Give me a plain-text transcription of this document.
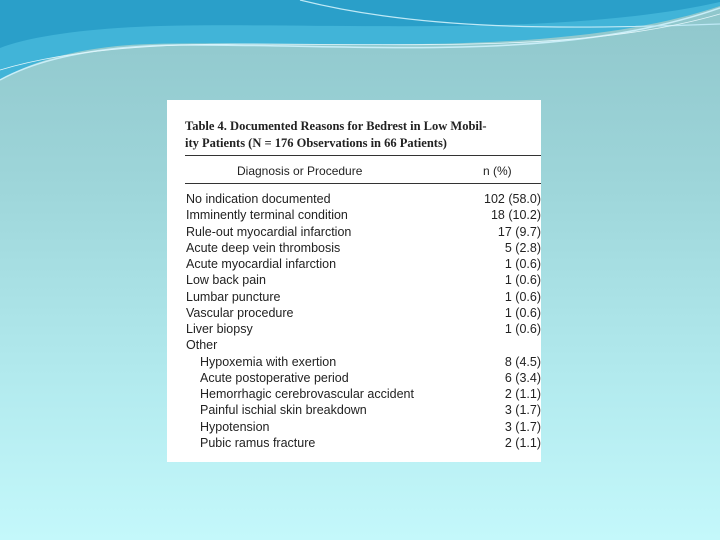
Table 4. Documented Reasons for Bedrest in Low Mobil-
ity Patients (N = 176 Observations in 66 Patients)
Diagnosis or Procedure	n (%)
No indication documented	102 (58.0)
Imminently terminal condition	18 (10.2)
Rule-out myocardial infarction	17 (9.7)
Acute deep vein thrombosis	5 (2.8)
Acute myocardial infarction	1 (0.6)
Low back pain	1 (0.6)
Lumbar puncture	1 (0.6)
Vascular procedure	1 (0.6)
Liver biopsy	1 (0.6)
Other
Hypoxemia with exertion	8 (4.5)
Acute postoperative period	6 (3.4)
Hemorrhagic cerebrovascular accident	2 (1.1)
Painful ischial skin breakdown	3 (1.7)
Hypotension	3 (1.7)
Pubic ramus fracture	2 (1.1)
